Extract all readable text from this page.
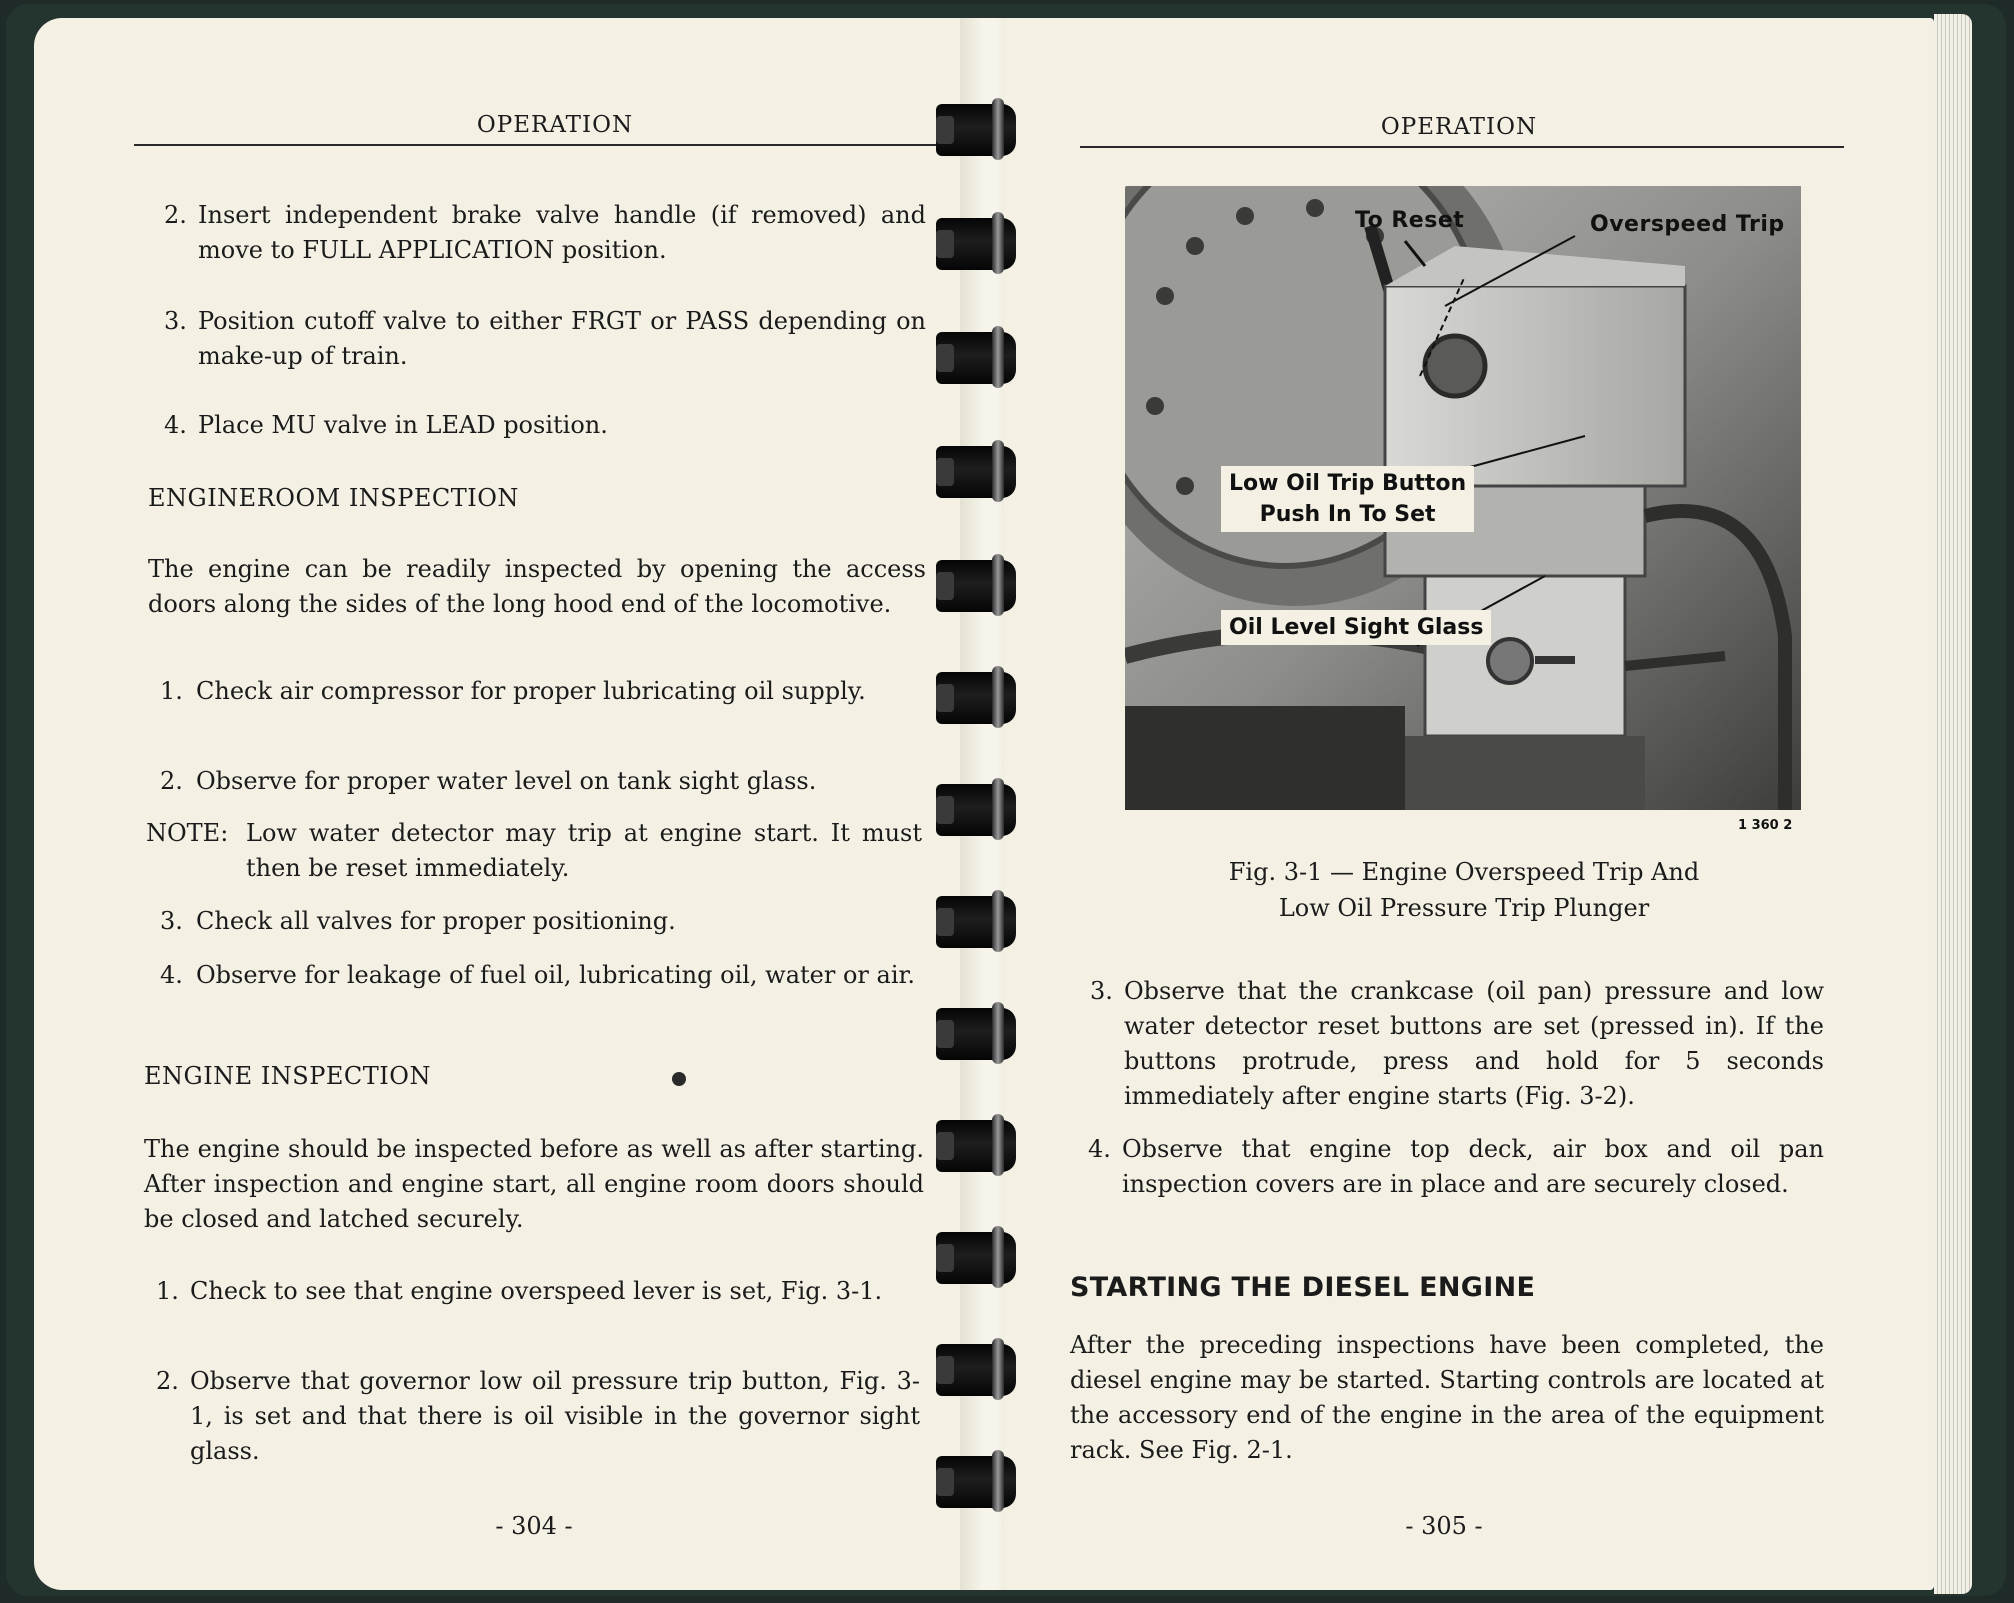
OPERATION
2. Insert independent brake valve handle (if removed) and move to FULL APPLICATION position.

3. Position cutoff valve to either FRGT or PASS depending on make-up of train.

4. Place MU valve in LEAD position.

ENGINEROOM INSPECTION

The engine can be readily inspected by opening the access doors along the sides of the long hood end of the locomotive.

1. Check air compressor for proper lubricating oil supply.

2. Observe for proper water level on tank sight glass.

NOTE: Low water detector may trip at engine start. It must then be reset immediately.

3. Check all valves for proper positioning.

4. Observe for leakage of fuel oil, lubricating oil, water or air.

ENGINE INSPECTION

The engine should be inspected before as well as after starting. After inspection and engine start, all engine room doors should be closed and latched securely.

1. Check to see that engine overspeed lever is set, Fig. 3-1.

2. Observe that governor low oil pressure trip button, Fig. 3-1, is set and that there is oil visible in the governor sight glass.

- 304 -
OPERATION
Fig. 3-1 — Engine Overspeed Trip And
Low Oil Pressure Trip Plunger
3. Observe that the crankcase (oil pan) pressure and low water detector reset buttons are set (pressed in). If the buttons protrude, press and hold for 5 seconds immediately after engine starts (Fig. 3-2).

4. Observe that engine top deck, air box and oil pan inspection covers are in place and are securely closed.

STARTING THE DIESEL ENGINE

After the preceding inspections have been completed, the diesel engine may be started. Starting controls are located at the accessory end of the engine in the area of the equipment rack. See Fig. 2-1.

- 305 -
To Reset	Overspeed Trip
Low Oil Trip Button
Push In To Set
Oil Level Sight Glass
1 360 2
